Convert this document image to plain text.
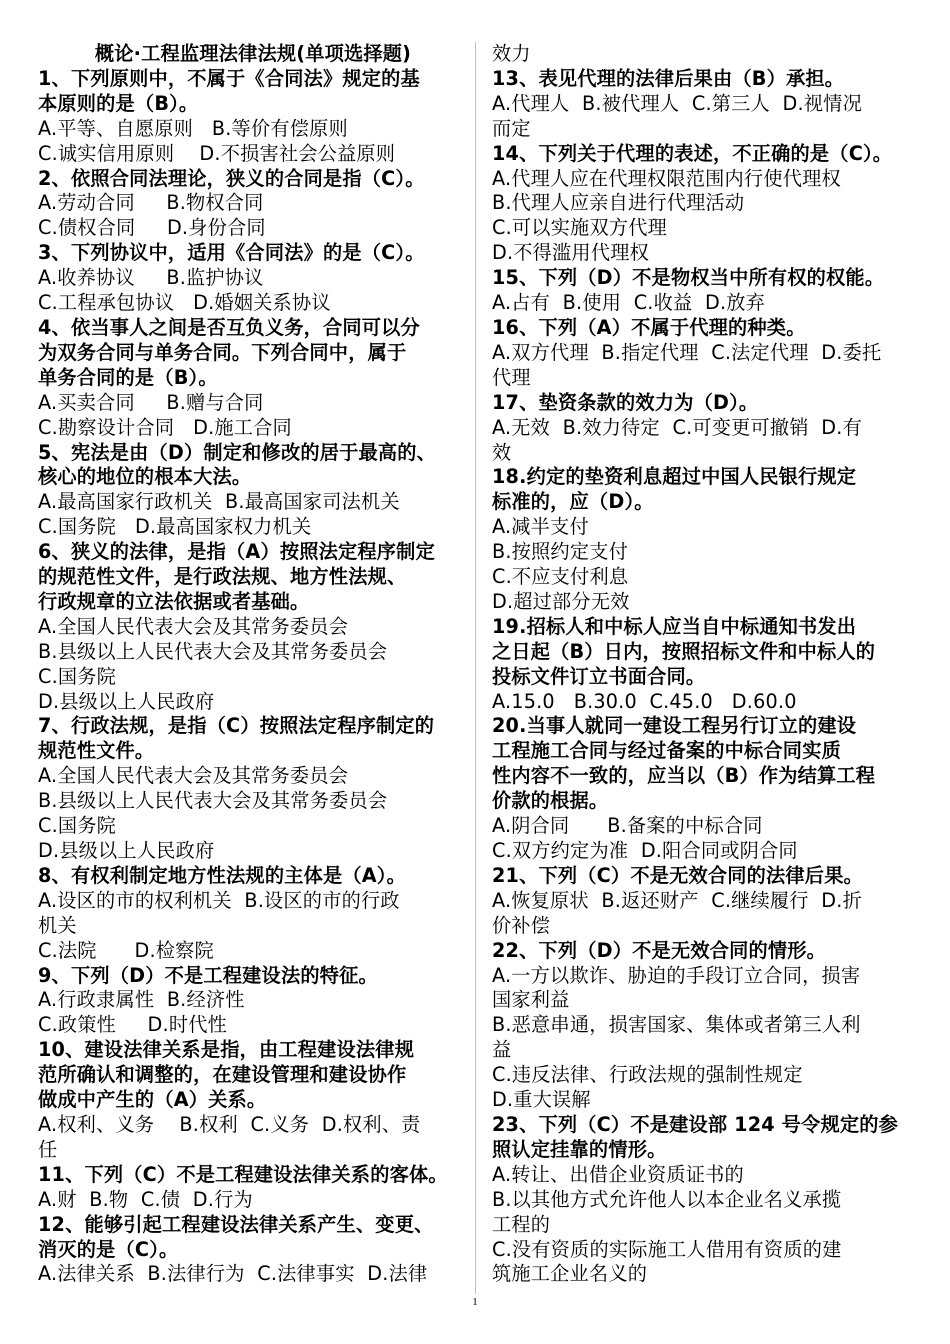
概论·工程监理法律法规(单项选择题)
1、下列原则中，不属于《合同法》规定的基
本原则的是（B）。
A.平等、自愿原则   B.等价有偿原则
C.诚实信用原则    D.不损害社会公益原则
2、依照合同法理论，狭义的合同是指（C）。
A.劳动合同     B.物权合同
C.债权合同     D.身份合同
3、下列协议中，适用《合同法》的是（C）。
A.收养协议     B.监护协议
C.工程承包协议   D.婚姻关系协议
4、依当事人之间是否互负义务，合同可以分
为双务合同与单务合同。下列合同中，属于
单务合同的是（B）。
A.买卖合同     B.赠与合同
C.勘察设计合同   D.施工合同
5、宪法是由（D）制定和修改的居于最高的、
核心的地位的根本大法。
A.最高国家行政机关  B.最高国家司法机关
C.国务院   D.最高国家权力机关
6、狭义的法律，是指（A）按照法定程序制定
的规范性文件，是行政法规、地方性法规、
行政规章的立法依据或者基础。
A.全国人民代表大会及其常务委员会
B.县级以上人民代表大会及其常务委员会
C.国务院
D.县级以上人民政府
7、行政法规，是指（C）按照法定程序制定的
规范性文件。
A.全国人民代表大会及其常务委员会
B.县级以上人民代表大会及其常务委员会
C.国务院
D.县级以上人民政府
8、有权利制定地方性法规的主体是（A）。
A.设区的市的权利机关  B.设区的市的行政
机关
C.法院      D.检察院
9、下列（D）不是工程建设法的特征。
A.行政隶属性  B.经济性
C.政策性     D.时代性
10、建设法律关系是指，由工程建设法律规
范所确认和调整的，在建设管理和建设协作
做成中产生的（A）关系。
A.权利、义务    B.权利  C.义务  D.权利、责
任
11、下列（C）不是工程建设法律关系的客体。
A.财  B.物  C.债  D.行为
12、能够引起工程建设法律关系产生、变更、
消灭的是（C）。
A.法律关系  B.法律行为  C.法律事实  D.法律
效力
13、表见代理的法律后果由（B）承担。
A.代理人  B.被代理人  C.第三人  D.视情况
而定
14、下列关于代理的表述，不正确的是（C）。
A.代理人应在代理权限范围内行使代理权
B.代理人应亲自进行代理活动
C.可以实施双方代理
D.不得滥用代理权
15、下列（D）不是物权当中所有权的权能。
A.占有  B.使用  C.收益  D.放弃
16、下列（A）不属于代理的种类。
A.双方代理  B.指定代理  C.法定代理  D.委托
代理
17、垫资条款的效力为（D）。
A.无效  B.效力待定  C.可变更可撤销  D.有
效
18.约定的垫资利息超过中国人民银行规定
标准的，应（D）。
A.减半支付
B.按照约定支付
C.不应支付利息
D.超过部分无效
19.招标人和中标人应当自中标通知书发出
之日起（B）日内，按照招标文件和中标人的
投标文件订立书面合同。
A.15.0   B.30.0  C.45.0   D.60.0
20.当事人就同一建设工程另行订立的建设
工程施工合同与经过备案的中标合同实质
性内容不一致的，应当以（B）作为结算工程
价款的根据。
A.阴合同      B.备案的中标合同
C.双方约定为准  D.阳合同或阴合同
21、下列（C）不是无效合同的法律后果。
A.恢复原状  B.返还财产  C.继续履行  D.折
价补偿
22、下列（D）不是无效合同的情形。
A.一方以欺诈、胁迫的手段订立合同，损害
国家利益
B.恶意串通，损害国家、集体或者第三人利
益
C.违反法律、行政法规的强制性规定
D.重大误解
23、下列（C）不是建设部 124 号令规定的参
照认定挂靠的情形。
A.转让、出借企业资质证书的
B.以其他方式允许他人以本企业名义承揽
工程的
C.没有资质的实际施工人借用有资质的建
筑施工企业名义的
1
